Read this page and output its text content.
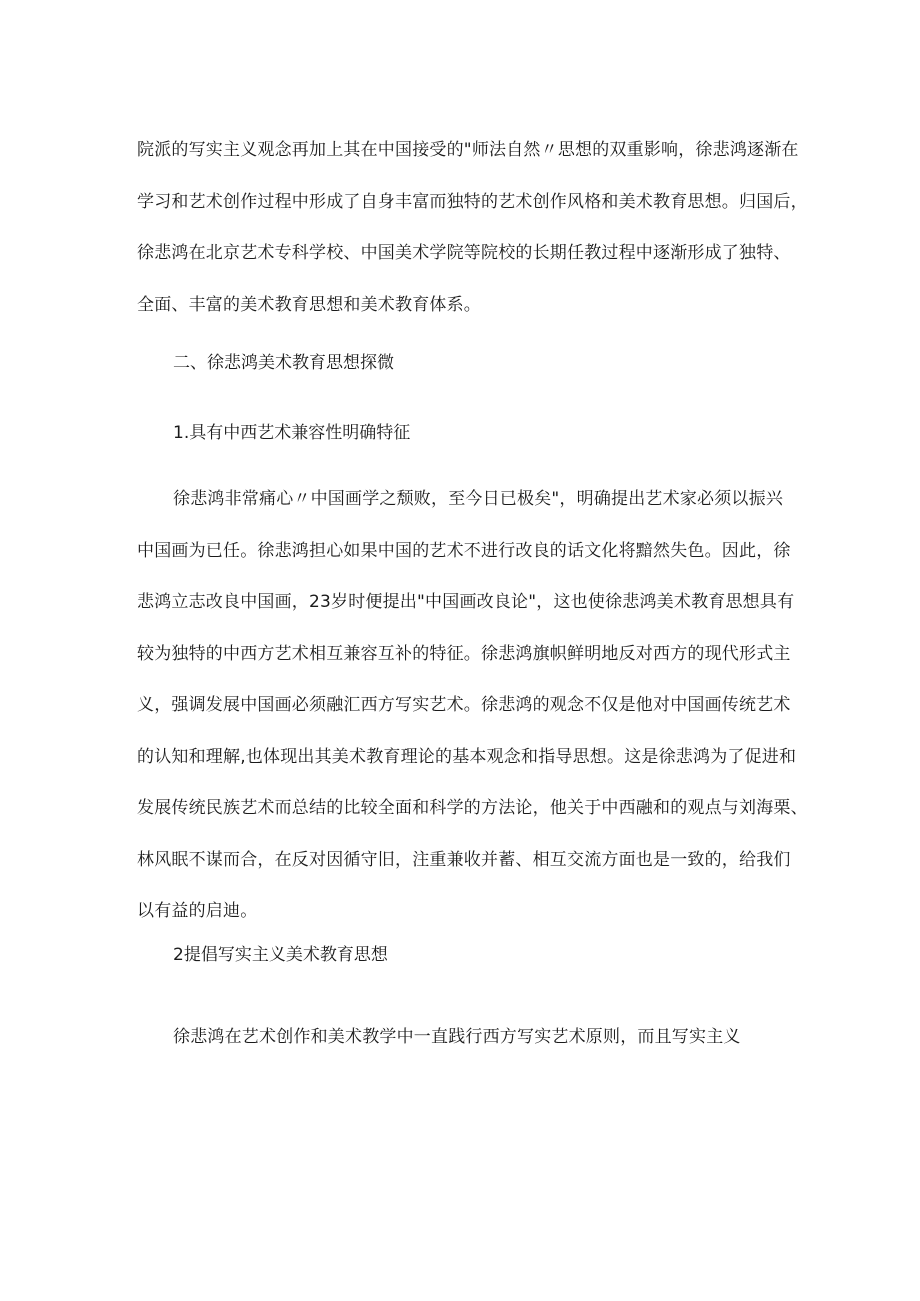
院派的写实主义观念再加上其在中国接受的"师法自然〃思想的双重影响，徐悲鸿逐渐在
学习和艺术创作过程中形成了自身丰富而独特的艺术创作风格和美术教育思想。归国后，
徐悲鸿在北京艺术专科学校、中国美术学院等院校的长期任教过程中逐渐形成了独特、
全面、丰富的美术教育思想和美术教育体系。

二、徐悲鸿美术教育思想探微
1.具有中西艺术兼容性明确特征

徐悲鸿非常痛心〃中国画学之颓败，至今日已极矣"，明确提出艺术家必须以振兴
中国画为已任。徐悲鸿担心如果中国的艺术不进行改良的话文化将黯然失色。因此，徐
悲鸿立志改良中国画，23岁时便提出"中国画改良论"，这也使徐悲鸿美术教育思想具有
较为独特的中西方艺术相互兼容互补的特征。徐悲鸿旗帜鲜明地反对西方的现代形式主
义，强调发展中国画必须融汇西方写实艺术。徐悲鸿的观念不仅是他对中国画传统艺术
的认知和理解,也体现出其美术教育理论的基本观念和指导思想。这是徐悲鸿为了促进和
发展传统民族艺术而总结的比较全面和科学的方法论，他关于中西融和的观点与刘海栗、
林风眠不谋而合，在反对因循守旧，注重兼收并蓄、相互交流方面也是一致的，给我们
以有益的启迪。

2提倡写实主义美术教育思想

徐悲鸿在艺术创作和美术教学中一直践行西方写实艺术原则，而且写实主义
